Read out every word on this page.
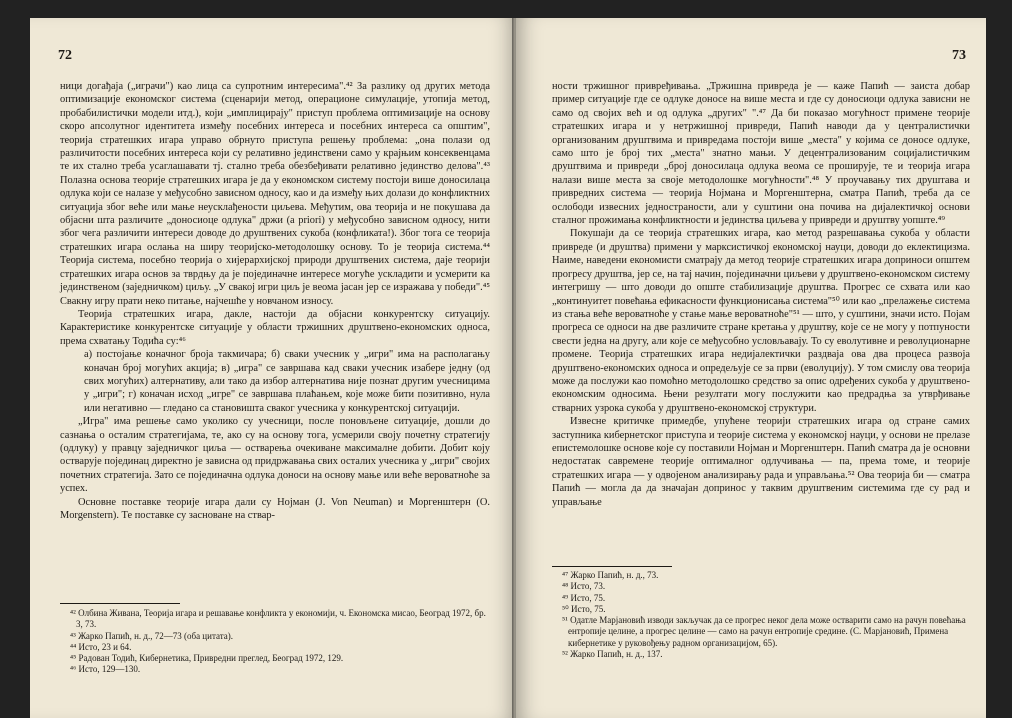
72

ници догађаја („играчи") као лица са супротним интересима".⁴² За разлику од других метода оптимизације економског система (сценарији метод, операционе симулације, утопија метод, пробабилистички модели итд.), који „имплицирају" приступ проблема оптимизације на основу скоро апсолутног идентитета између посебних интереса и посебних интереса са општим", теорија стратешких игара управо обрнуто приступа решењу проблема: „она полази од различитости посебних интереса који су релативно јединствени само у крајњим консеквенцама те их стално треба усаглашавати тј. стално треба обезбеђивати релативно јединство делова".⁴³ Полазна основа теорије стратешких игара је да у економском систему постоји више доносилаца одлука који се налазе у међусобно зависном односу, као и да између њих долази до конфликтних ситуација због веће или мање неусклађености циљева. Међутим, ова теорија и не покушава да објасни шта различите „доносиоце одлука" држи (a priori) у међусобно зависном односу, нити због чега различити интереси доводе до друштвених сукоба (конфликата!). Због тога се теорија стратешких игара ослања на ширу теоријско-методолошку основу. То је теорија система.⁴⁴ Теорија система, посебно теорија о хијерархијској природи друштвених система, даје теорији стратешких игара основ за тврдњу да је појединачне интересе могуће ускладити и усмерити ка јединственом (заједничком) циљу. „У свакој игри циљ је веома јасан јер се изражава у победи".⁴⁵ Свакну игру прати неко питање, најчешће у новчаном износу.

Теорија стратешких игара, дакле, настоји да објасни конкурентску ситуацију. Карактеристике конкурентске ситуације у области тржишних друштвено-економских односа, према схватању Тодића су:⁴⁶

а) постојање коначног броја такмичара; б) сваки учесник у „игри" има на располагању коначан број могућих акција; в) „игра" се завршава кад сваки учесник изабере једну (од свих могућих) алтернативу, али тако да избор алтернатива није познат другим учесницима у „игри"; г) коначан исход „игре" се завршава плаћањем, које може бити позитивно, нула или негативно — гледано са становишта сваког учесника у конкурентској ситуацији.

„Игра" има решење само уколико су учесници, после поновљене ситуације, дошли до сазнања о осталим стратегијама, те, ако су на основу тога, усмерили своју почетну стратегију (одлуку) у правцу заједничког циља — остварења очекиване максималне добити. Добит коју остварује појединац директно је зависна од придржавања свих осталих учесника у „игри" својих почетних стратегија. Зато се појединачна одлука доноси на основу мање или веће вероватноће за успех.

Основне поставке теорије игара дали су Нојман (J. Von Neuman) и Моргенштерн (O. Morgenstern). Те поставке су засноване на ствар-

⁴² Олбина Живана, Теорија игара и решавање конфликта у економији, ч. Економска мисао, Београд 1972, бр. 3, 73.

⁴³ Жарко Папић, н. д., 72—73 (оба цитата).

⁴⁴ Исто, 23 и 64.

⁴⁵ Радован Тодић, Кибернетика, Привредни преглед, Београд 1972, 129.

⁴⁶ Исто, 129—130.

73

ности тржишног привређивања. „Тржишна привреда је — каже Папић — заиста добар пример ситуације где се одлуке доносе на више места и где су доносиоци одлука зависни не само од својих већ и од одлука „других" ".⁴⁷ Да би показао могућност примене теорије стратешких игара и у нетржишној привреди, Папић наводи да у централистички организованим друштвима и привредама постоји више „места" у којима се доносе одлуке, само што је број тих „места" знатно мањи. У децентрализованим социјалистичким друштвима и привреди „број доносилаца одлука веома се проширује, те и теорија игара налази више места за своје методолошке могућности".⁴⁸ У проучавању тих друштава и привредних система — теорија Нојмана и Моргенштерна, сматра Папић, треба да се ослободи извесних једностраности, али у суштини она почива на дијалектичкој основи сталног прожимања конфликтности и јединства циљева у привреди и друштву уопште.⁴⁹

Покушаји да се теорија стратешких игара, као метод разрешавања сукоба у области привреде (и друштва) примени у марксистичкој економској науци, доводи до еклектицизма. Наиме, наведени економисти сматрају да метод теорије стратешких игара доприноси општем прогресу друштва, јер се, на тај начин, појединачни циљеви у друштвено-економском систему интегришу — што доводи до опште стабилизације друштва. Прогрес се схвата или као „континуитет повећања ефикасности функционисања система"⁵⁰ или као „прелажење система из стања веће вероватноће у стање мање вероватноће"⁵¹ — што, у суштини, значи исто. Појам прогреса се односи на две различите стране кретања у друштву, које се не могу у потпуности свести једна на другу, али које се међусобно условљавају. То су еволутивне и револуционарне промене. Теорија стратешких игара недијалектички раздваја ова два процеса развоја друштвено-економских односа и опредељује се за први (еволуцију). У том смислу ова теорија може да послужи као помоћно методолошко средство за опис одређених сукоба у друштвено-економским односима. Њени резултати могу послужити као предрадња за утврђивање стварних узрока сукоба у друштвено-економској структури.

Извесне критичке примедбе, упућене теорији стратешких игара од стране самих заступника кибернетског приступа и теорије система у економској науци, у основи не прелазе епистемолошке основе које су поставили Нојман и Моргенштерн. Папић сматра да је основни недостатак савремене теорије оптималног одлучивања — па, према томе, и теорије стратешких игара — у одвојеном анализирању рада и управљања.⁵² Ова теорија би — сматра Папић — могла да да значајан допринос у таквим друштвеним системима где су рад и управљање

⁴⁷ Жарко Папић, н. д., 73.

⁴⁸ Исто, 73.

⁴⁹ Исто, 75.

⁵⁰ Исто, 75.

⁵¹ Одатле Марјановић изводи закључак да се прогрес неког дела може остварити само на рачун повећања ентропије целине, а прогрес целине — само на рачун ентропије средине. (С. Марјановић, Примена кибернетике у руковођењу радном организацијом, 65).

⁵² Жарко Папић, н. д., 137.
